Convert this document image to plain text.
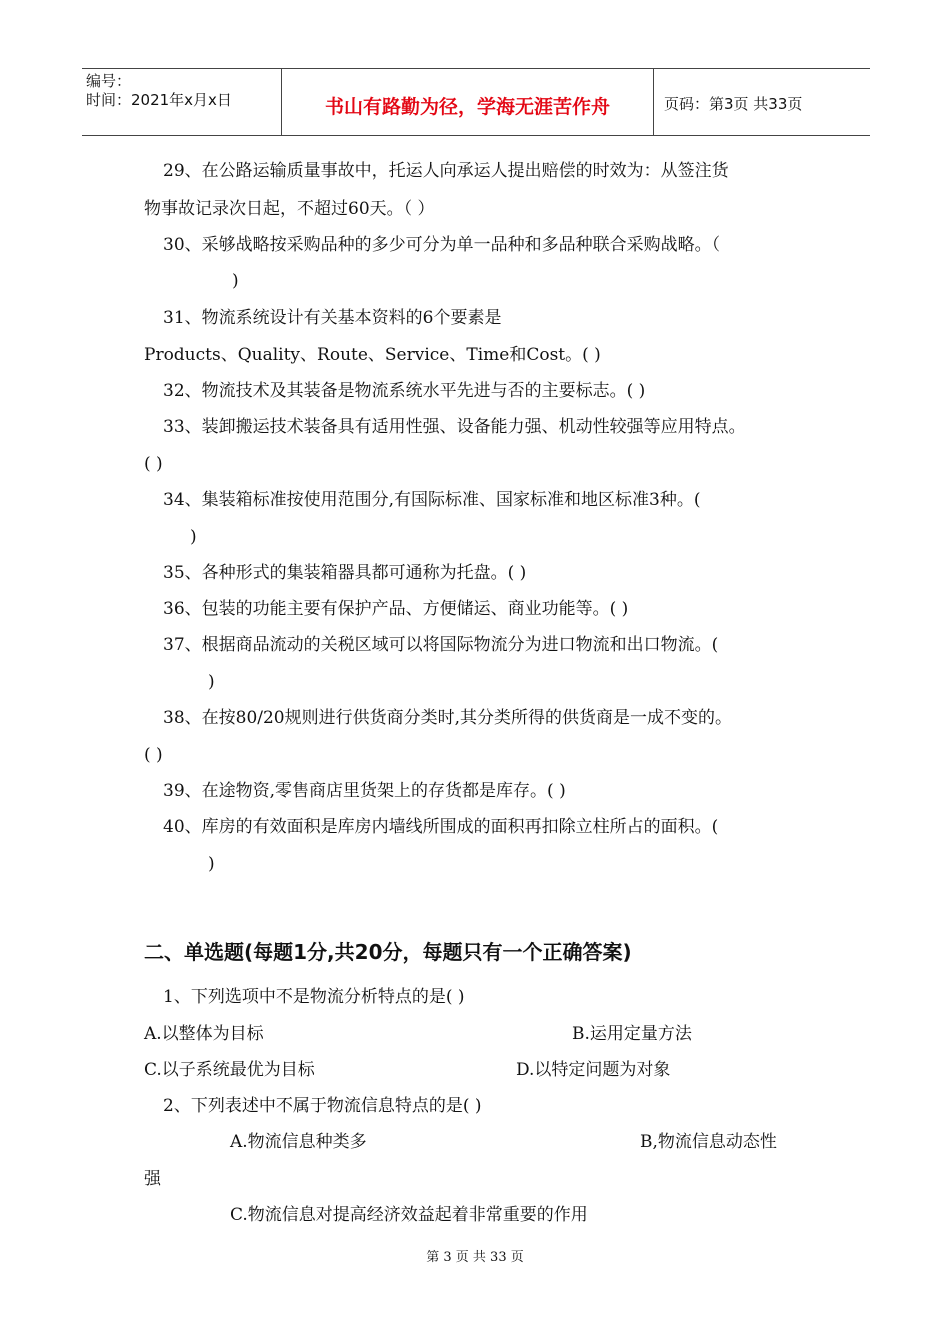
编号：
时间：2021年x月x日	书山有路勤为径，学海无涯苦作舟	页码：第3页 共33页
29、在公路运输质量事故中，托运人向承运人提出赔偿的时效为：从签注货
物事故记录次日起，不超过60天。（ ）
30、采够战略按采购品种的多少可分为单一品种和多品种联合采购战略。（
)
31、物流系统设计有关基本资料的6个要素是
Products、Quality、Route、Service、Time和Cost。( )
32、物流技术及其装备是物流系统水平先进与否的主要标志。( )
33、装卸搬运技术装备具有适用性强、设备能力强、机动性较强等应用特点。
( )
34、集装箱标准按使用范围分,有国际标准、国家标准和地区标准3种。(
)
35、各种形式的集装箱器具都可通称为托盘。( )
36、包装的功能主要有保护产品、方便储运、商业功能等。( )
37、根据商品流动的关税区域可以将国际物流分为进口物流和出口物流。(
)
38、在按80/20规则进行供货商分类时,其分类所得的供货商是一成不变的。
( )
39、在途物资,零售商店里货架上的存货都是库存。( )
40、库房的有效面积是库房内墙线所围成的面积再扣除立柱所占的面积。(
)
二、单选题(每题1分,共20分，每题只有一个正确答案)
1、下列选项中不是物流分析特点的是( )
A.以整体为目标	B.运用定量方法
C.以子系统最优为目标	D.以特定问题为对象
2、下列表述中不属于物流信息特点的是( )
A.物流信息种类多	B,物流信息动态性
强
C.物流信息对提高经济效益起着非常重要的作用
第 3 页 共 33 页
